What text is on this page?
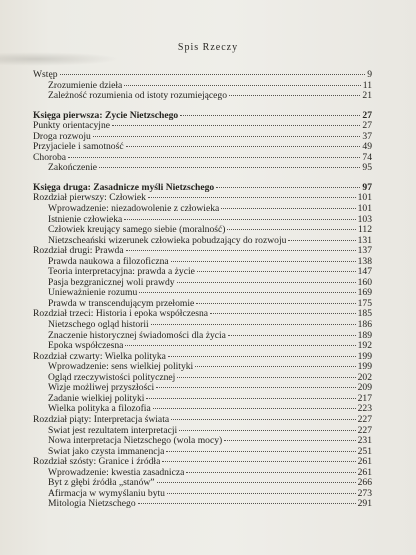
Spis Rzeczy
Wstęp	9
Zrozumienie dzieła	11
Zależność rozumienia od istoty rozumiejącego	21
Księga pierwsza: Życie Nietzschego	27
Punkty orientacyjne	27
Droga rozwoju	37
Przyjaciele i samotność	49
Choroba	74
Zakończenie	95
Księga druga: Zasadnicze myśli Nietzschego	97
Rozdział pierwszy: Człowiek	101
Wprowadzenie: niezadowolenie z człowieka	101
Istnienie człowieka	103
Człowiek kreujący samego siebie (moralność)	112
Nietzscheański wizerunek człowieka pobudzający do rozwoju	131
Rozdział drugi: Prawda	137
Prawda naukowa a filozoficzna	138
Teoria interpretacyjna: prawda a życie	147
Pasja bezgranicznej woli prawdy	160
Unieważnienie rozumu	169
Prawda w transcendującym przełomie	175
Rozdział trzeci: Historia i epoka współczesna	185
Nietzschego ogląd historii	186
Znaczenie historycznej świadomości dla życia	189
Epoka współczesna	192
Rozdział czwarty: Wielka polityka	199
Wprowadzenie: sens wielkiej polityki	199
Ogląd rzeczywistości politycznej	202
Wizje możliwej przyszłości	209
Zadanie wielkiej polityki	217
Wielka polityka a filozofia	223
Rozdział piąty: Interpretacja świata	227
Świat jest rezultatem interpretacji	227
Nowa interpretacja Nietzschego (wola mocy)	231
Świat jako czysta immanencja	251
Rozdział szósty: Granice i źródła	261
Wprowadzenie: kwestia zasadnicza	261
Byt z głębi źródła „stanów”	266
Afirmacja w wymyślaniu bytu	273
Mitologia Nietzschego	291
